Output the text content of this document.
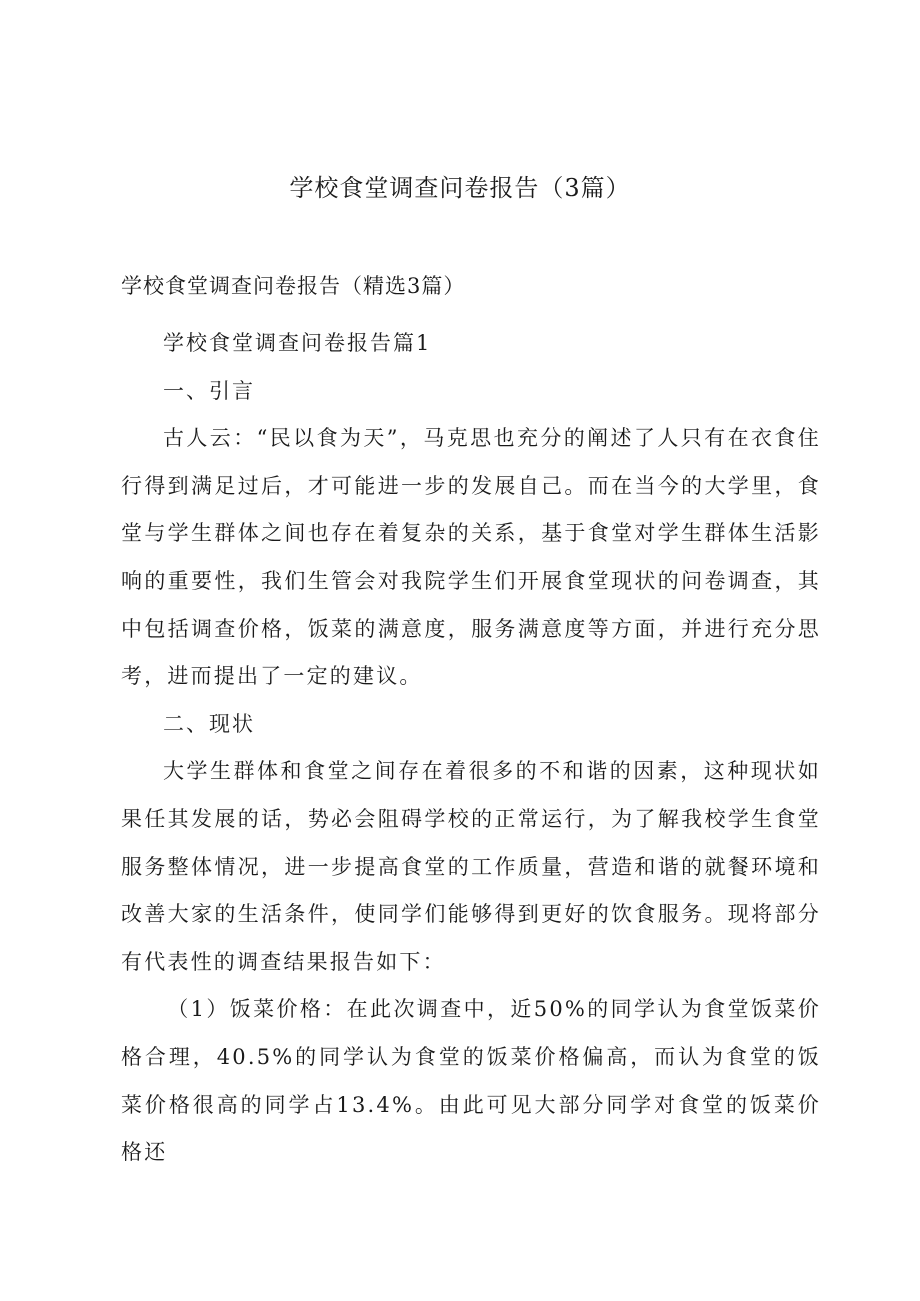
学校食堂调查问卷报告（3篇）

学校食堂调查问卷报告（精选3篇）

学校食堂调查问卷报告篇1

一、引言

古人云：“民以食为天”，马克思也充分的阐述了人只有在衣食住行得到满足过后，才可能进一步的发展自己。而在当今的大学里，食堂与学生群体之间也存在着复杂的关系，基于食堂对学生群体生活影响的重要性，我们生管会对我院学生们开展食堂现状的问卷调查，其中包括调查价格，饭菜的满意度，服务满意度等方面，并进行充分思考，进而提出了一定的建议。

二、现状

大学生群体和食堂之间存在着很多的不和谐的因素，这种现状如果任其发展的话，势必会阻碍学校的正常运行，为了解我校学生食堂服务整体情况，进一步提高食堂的工作质量，营造和谐的就餐环境和改善大家的生活条件，使同学们能够得到更好的饮食服务。现将部分有代表性的调查结果报告如下：

（1）饭菜价格：在此次调查中，近50%的同学认为食堂饭菜价格合理，40.5%的同学认为食堂的饭菜价格偏高，而认为食堂的饭菜价格很高的同学占13.4%。由此可见大部分同学对食堂的饭菜价格还
